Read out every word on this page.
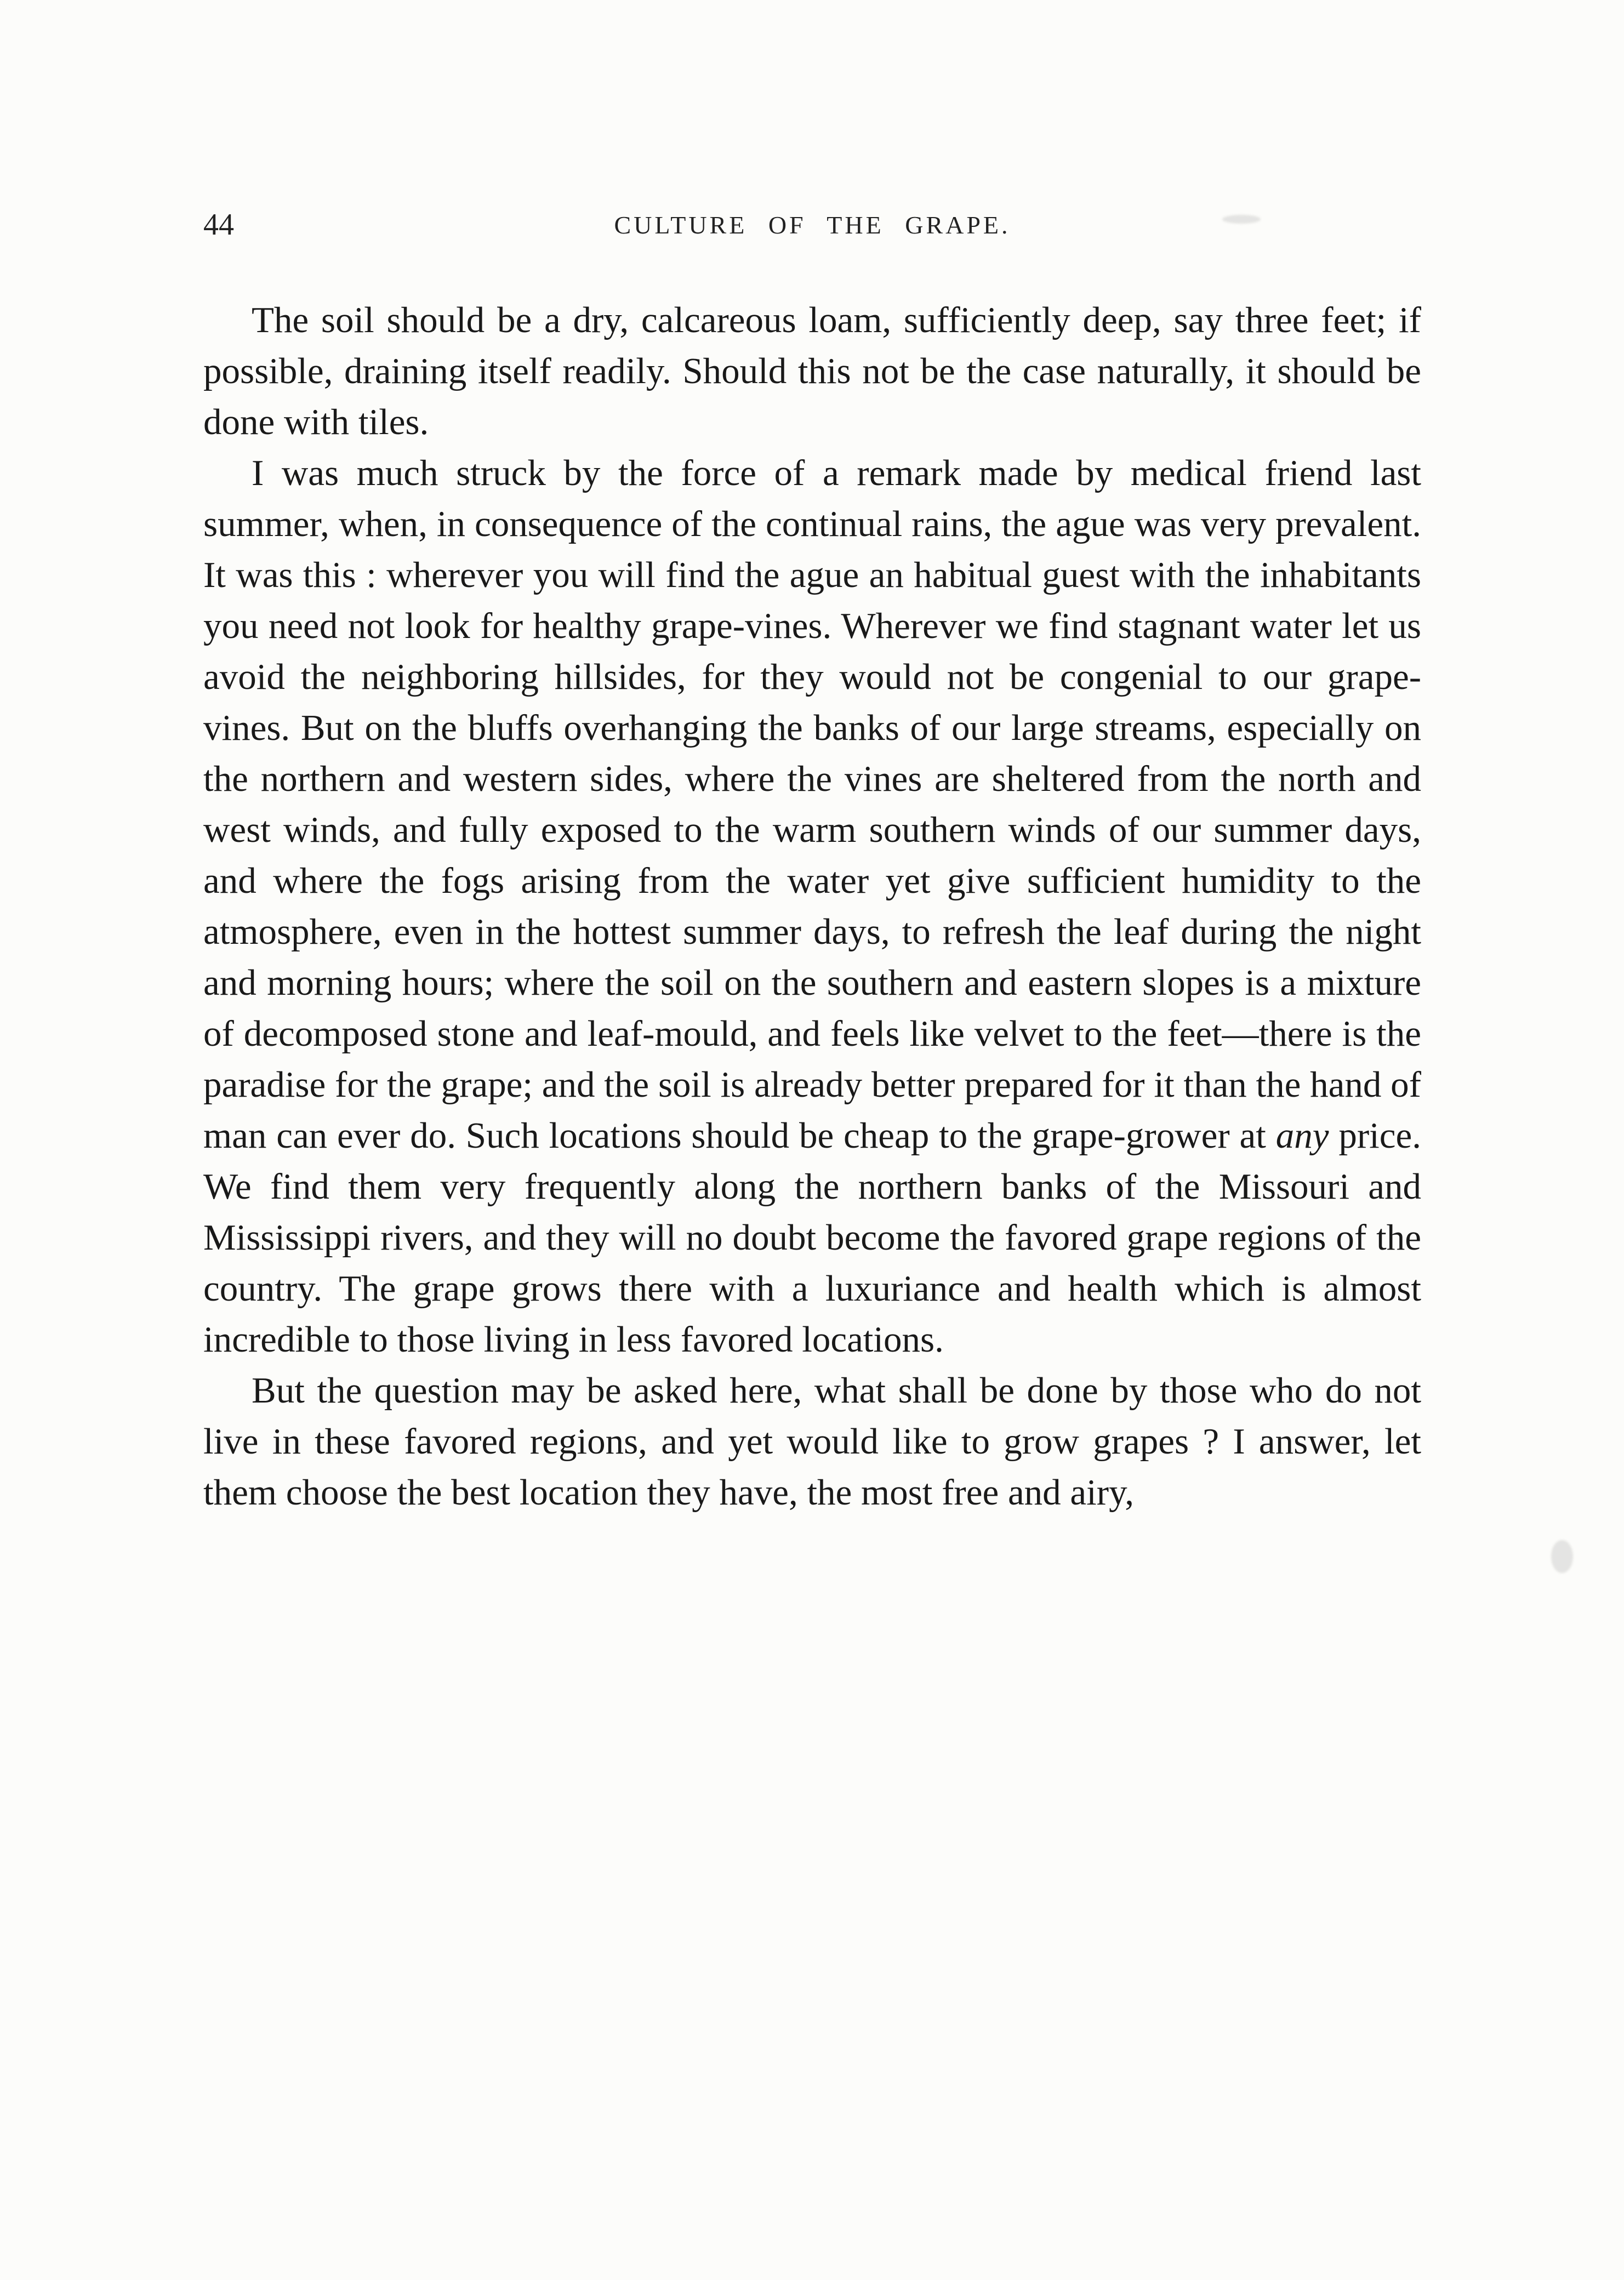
44	CULTURE OF THE GRAPE.

The soil should be a dry, calcareous loam, sufficiently deep, say three feet; if possible, draining itself readily. Should this not be the case naturally, it should be done with tiles.

I was much struck by the force of a remark made by medical friend last summer, when, in consequence of the continual rains, the ague was very prevalent. It was this : wherever you will find the ague an habitual guest with the inhabitants you need not look for healthy grape-vines. Wherever we find stagnant water let us avoid the neighboring hillsides, for they would not be congenial to our grape-vines. But on the bluffs overhanging the banks of our large streams, especially on the northern and western sides, where the vines are sheltered from the north and west winds, and fully exposed to the warm southern winds of our summer days, and where the fogs arising from the water yet give sufficient humidity to the atmosphere, even in the hottest summer days, to refresh the leaf during the night and morning hours; where the soil on the southern and eastern slopes is a mixture of decomposed stone and leaf-mould, and feels like velvet to the feet—there is the paradise for the grape; and the soil is already better prepared for it than the hand of man can ever do. Such locations should be cheap to the grape-grower at any price. We find them very frequently along the northern banks of the Missouri and Mississippi rivers, and they will no doubt become the favored grape regions of the country. The grape grows there with a luxuriance and health which is almost incredible to those living in less favored locations.

But the question may be asked here, what shall be done by those who do not live in these favored regions, and yet would like to grow grapes ? I answer, let them choose the best location they have, the most free and airy,
